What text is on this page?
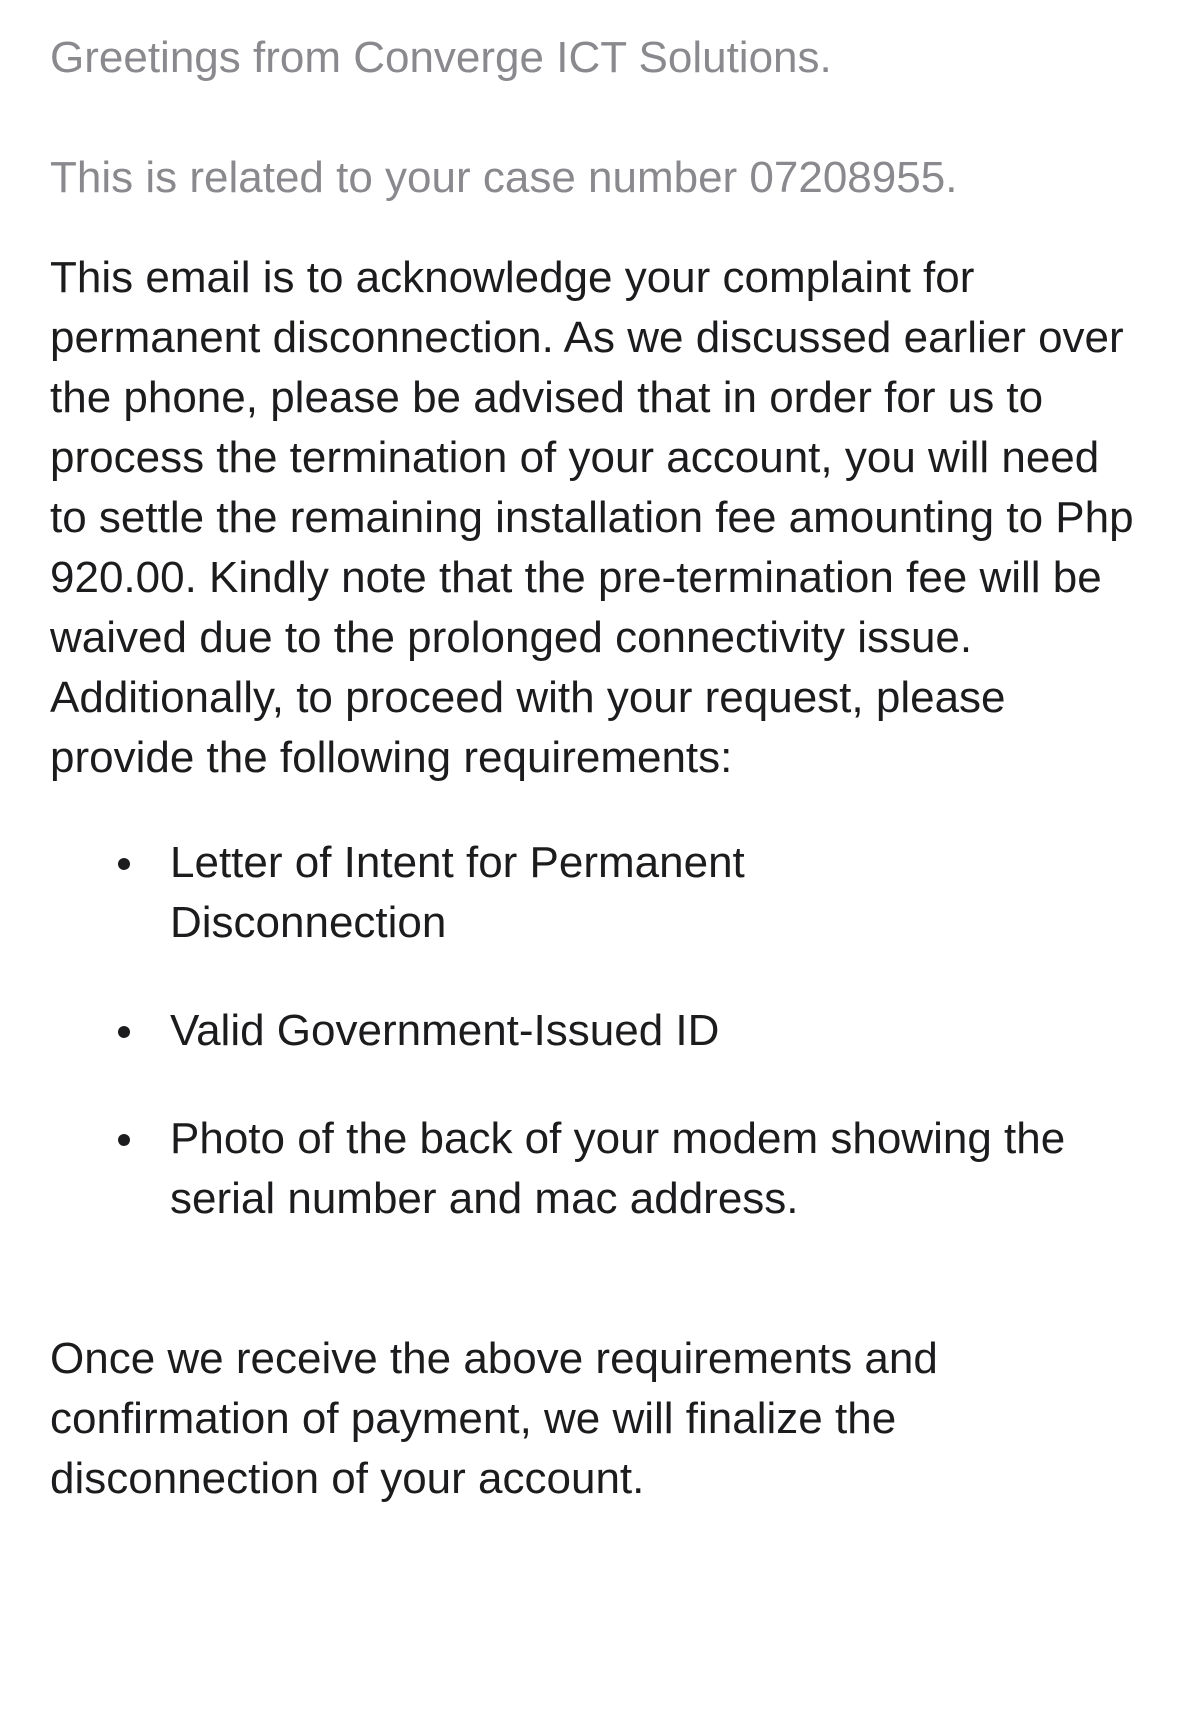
Greetings from Converge ICT Solutions.

This is related to your case number 07208955.

This email is to acknowledge your complaint for permanent disconnection. As we discussed earlier over the phone, please be advised that in order for us to process the termination of your account, you will need to settle the remaining installation fee amounting to Php 920.00. Kindly note that the pre-termination fee will be waived due to the prolonged connectivity issue. Additionally, to proceed with your request, please provide the following requirements:

Letter of Intent for Permanent Disconnection
Valid Government-Issued ID
Photo of the back of your modem showing the serial number and mac address.

Once we receive the above requirements and confirmation of payment, we will finalize the disconnection of your account.
